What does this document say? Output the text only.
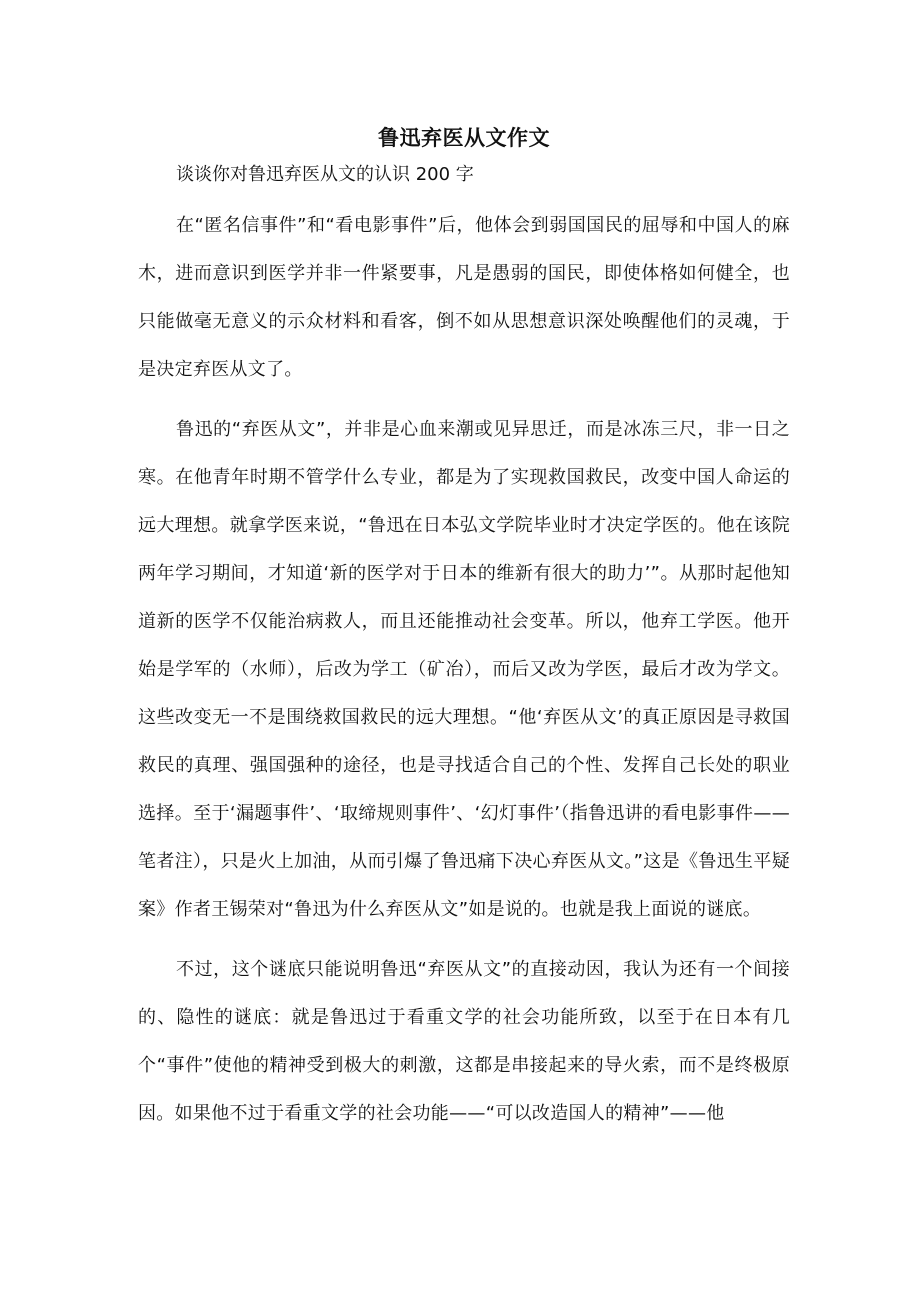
鲁迅弃医从文作文

谈谈你对鲁迅弃医从文的认识 200 字

在“匿名信事件”和“看电影事件”后，他体会到弱国国民的屈辱和中国人的麻木，进而意识到医学并非一件紧要事，凡是愚弱的国民，即使体格如何健全，也只能做毫无意义的示众材料和看客，倒不如从思想意识深处唤醒他们的灵魂，于是决定弃医从文了。

鲁迅的“弃医从文”，并非是心血来潮或见异思迁，而是冰冻三尺，非一日之寒。在他青年时期不管学什么专业，都是为了实现救国救民，改变中国人命运的远大理想。就拿学医来说，“鲁迅在日本弘文学院毕业时才决定学医的。他在该院两年学习期间，才知道‘新的医学对于日本的维新有很大的助力’”。从那时起他知道新的医学不仅能治病救人，而且还能推动社会变革。所以，他弃工学医。他开始是学军的（水师），后改为学工（矿冶），而后又改为学医，最后才改为学文。这些改变无一不是围绕救国救民的远大理想。“他‘弃医从文’的真正原因是寻救国救民的真理、强国强种的途径，也是寻找适合自己的个性、发挥自己长处的职业选择。至于‘漏题事件’、‘取缔规则事件’、‘幻灯事件’（指鲁迅讲的看电影事件——笔者注），只是火上加油，从而引爆了鲁迅痛下决心弃医从文。”这是《鲁迅生平疑案》作者王锡荣对“鲁迅为什么弃医从文”如是说的。也就是我上面说的谜底。

不过，这个谜底只能说明鲁迅“弃医从文”的直接动因，我认为还有一个间接的、隐性的谜底：就是鲁迅过于看重文学的社会功能所致，以至于在日本有几个“事件”使他的精神受到极大的刺激，这都是串接起来的导火索，而不是终极原因。如果他不过于看重文学的社会功能——“可以改造国人的精神”——他
